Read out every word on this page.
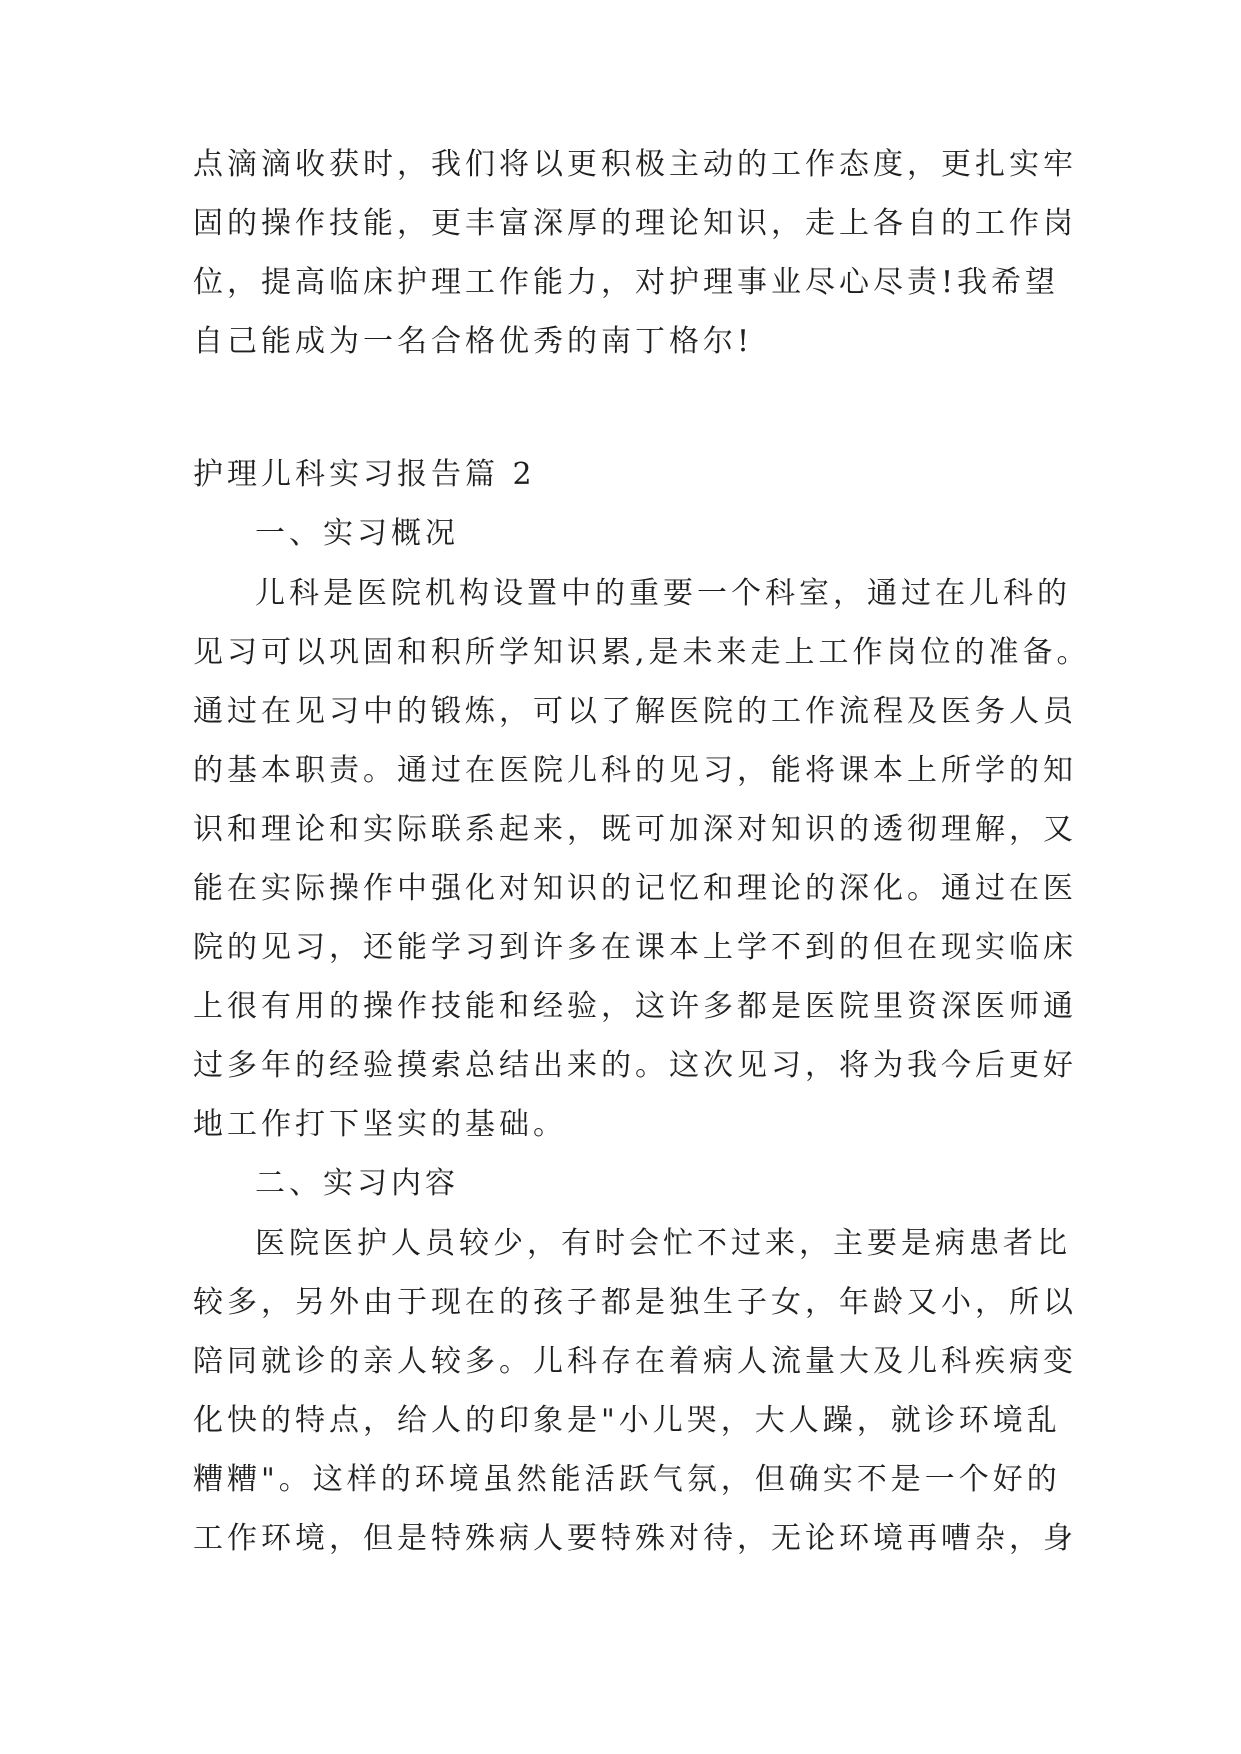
点滴滴收获时，我们将以更积极主动的工作态度，更扎实牢

固的操作技能，更丰富深厚的理论知识，走上各自的工作岗

位，提高临床护理工作能力，对护理事业尽心尽责!我希望

自己能成为一名合格优秀的南丁格尔!

护理儿科实习报告篇 2

一、实习概况

儿科是医院机构设置中的重要一个科室，通过在儿科的

见习可以巩固和积所学知识累,是未来走上工作岗位的准备。

通过在见习中的锻炼，可以了解医院的工作流程及医务人员

的基本职责。通过在医院儿科的见习，能将课本上所学的知

识和理论和实际联系起来，既可加深对知识的透彻理解，又

能在实际操作中强化对知识的记忆和理论的深化。通过在医

院的见习，还能学习到许多在课本上学不到的但在现实临床

上很有用的操作技能和经验，这许多都是医院里资深医师通

过多年的经验摸索总结出来的。这次见习，将为我今后更好

地工作打下坚实的基础。

二、实习内容

医院医护人员较少，有时会忙不过来，主要是病患者比

较多，另外由于现在的孩子都是独生子女，年龄又小，所以

陪同就诊的亲人较多。儿科存在着病人流量大及儿科疾病变

化快的特点，给人的印象是"小儿哭，大人躁，就诊环境乱

糟糟"。这样的环境虽然能活跃气氛，但确实不是一个好的

工作环境，但是特殊病人要特殊对待，无论环境再嘈杂，身
